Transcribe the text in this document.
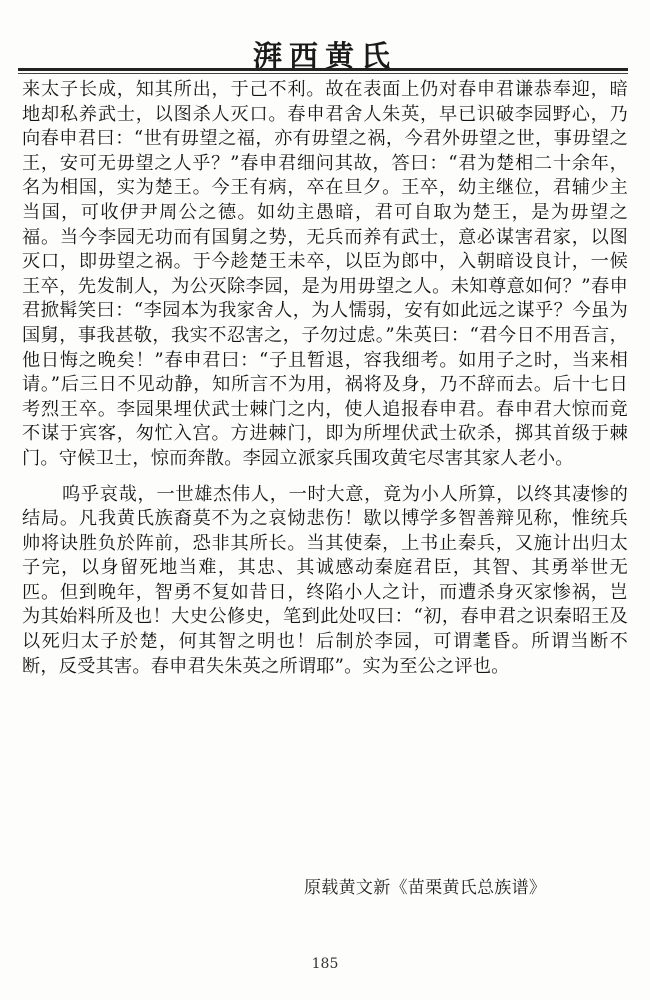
湃西黄氏

来太子长成，知其所出，于己不利。故在表面上仍对春申君谦恭奉迎，暗地却私养武士，以图杀人灭口。春申君舍人朱英，早已识破李园野心，乃向春申君曰：“世有毋望之福，亦有毋望之祸，今君外毋望之世，事毋望之王，安可无毋望之人乎？”春申君细问其故，答曰：“君为楚相二十余年，名为相国，实为楚王。今王有病，卒在旦夕。王卒，幼主继位，君辅少主当国，可收伊尹周公之德。如幼主愚暗，君可自取为楚王，是为毋望之福。当今李园无功而有国舅之势，无兵而养有武士，意必谋害君家，以图灭口，即毋望之祸。于今趁楚王未卒，以臣为郎中，入朝暗设良计，一候王卒，先发制人，为公灭除李园，是为用毋望之人。未知尊意如何？”春申君掀髯笑曰：“李园本为我家舍人，为人懦弱，安有如此远之谋乎？今虽为国舅，事我甚敬，我实不忍害之，子勿过虑。”朱英曰：“君今日不用吾言，他日悔之晚矣！”春申君曰：“子且暂退，容我细考。如用子之时，当来相请。”后三日不见动静，知所言不为用，祸将及身，乃不辞而去。后十七日考烈王卒。李园果埋伏武士棘门之内，使人追报春申君。春申君大惊而竟不谋于宾客，匆忙入宫。方进棘门，即为所埋伏武士砍杀，掷其首级于棘门。守候卫士，惊而奔散。李园立派家兵围攻黄宅尽害其家人老小。

呜乎哀哉，一世雄杰伟人，一时大意，竟为小人所算，以终其凄惨的结局。凡我黄氏族裔莫不为之哀恸悲伤！歇以博学多智善辩见称，惟统兵帅将诀胜负於阵前，恐非其所长。当其使秦，上书止秦兵，又施计出归太子完，以身留死地当难，其忠、其诚感动秦庭君臣，其智、其勇举世无匹。但到晚年，智勇不复如昔日，终陷小人之计，而遭杀身灭家惨祸，岂为其始料所及也！大史公修史，笔到此处叹曰：“初，春申君之识秦昭王及以死归太子於楚，何其智之明也！后制於李园，可谓耄昏。所谓当断不断，反受其害。春申君失朱英之所谓耶”。实为至公之评也。

原载黄文新《苗栗黄氏总族谱》
185
